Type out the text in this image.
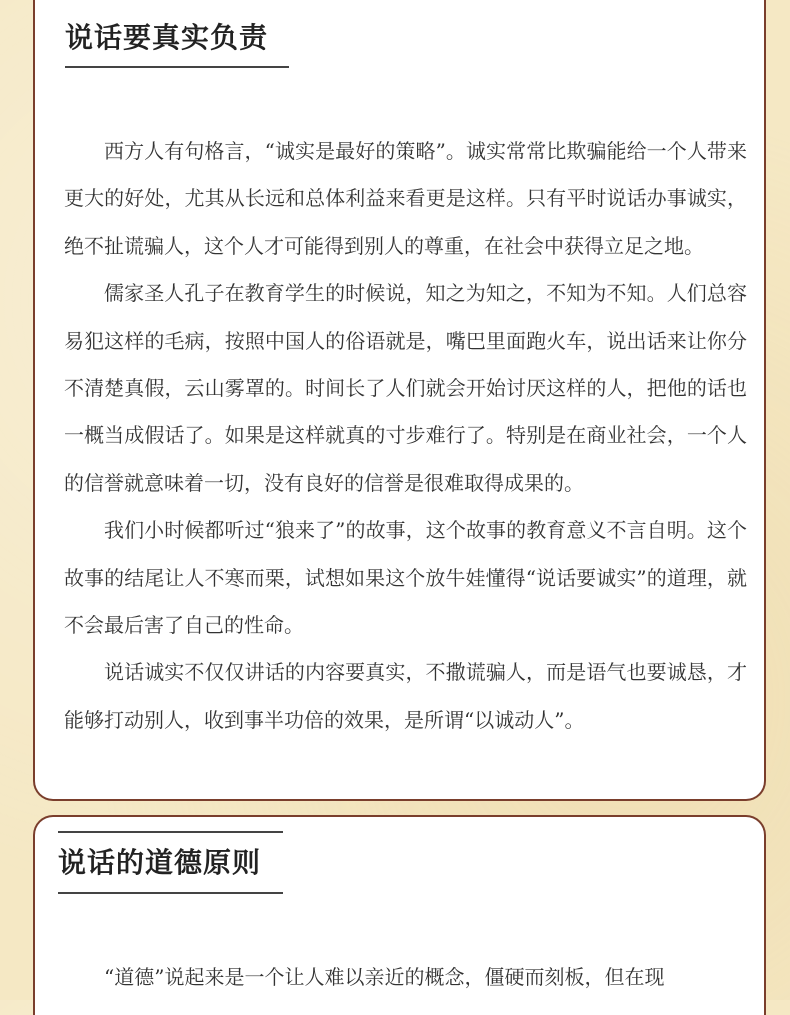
说话要真实负责

西方人有句格言，“诚实是最好的策略”。诚实常常比欺骗能给一个人带来更大的好处，尤其从长远和总体利益来看更是这样。只有平时说话办事诚实，绝不扯谎骗人，这个人才可能得到别人的尊重，在社会中获得立足之地。

儒家圣人孔子在教育学生的时候说，知之为知之，不知为不知。人们总容易犯这样的毛病，按照中国人的俗语就是，嘴巴里面跑火车，说出话来让你分不清楚真假，云山雾罩的。时间长了人们就会开始讨厌这样的人，把他的话也一概当成假话了。如果是这样就真的寸步难行了。特别是在商业社会，一个人的信誉就意味着一切，没有良好的信誉是很难取得成果的。

我们小时候都听过“狼来了”的故事，这个故事的教育意义不言自明。这个故事的结尾让人不寒而栗，试想如果这个放牛娃懂得“说话要诚实”的道理，就不会最后害了自己的性命。

说话诚实不仅仅讲话的内容要真实，不撒谎骗人，而是语气也要诚恳，才能够打动别人，收到事半功倍的效果，是所谓“以诚动人”。

说话的道德原则

“道德”说起来是一个让人难以亲近的概念，僵硬而刻板，但在现
